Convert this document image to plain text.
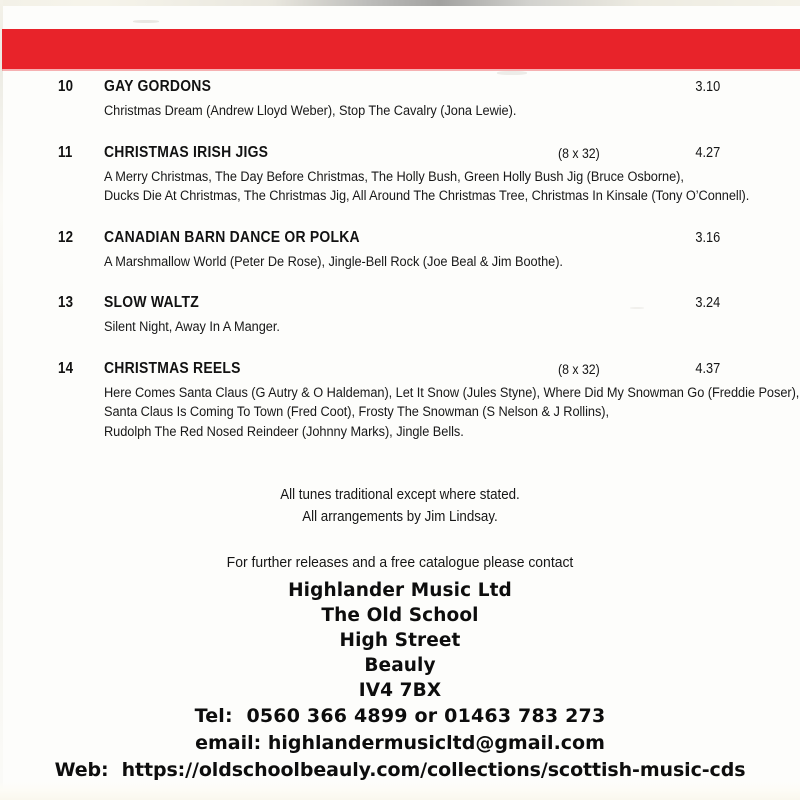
10 GAY GORDONS	3.10
Christmas Dream (Andrew Lloyd Weber), Stop The Cavalry (Jona Lewie).
11 CHRISTMAS IRISH JIGS	(8 x 32)	4.27
A Merry Christmas, The Day Before Christmas, The Holly Bush, Green Holly Bush Jig (Bruce Osborne),
Ducks Die At Christmas, The Christmas Jig, All Around The Christmas Tree, Christmas In Kinsale (Tony O’Connell).
12 CANADIAN BARN DANCE OR POLKA	3.16
A Marshmallow World (Peter De Rose), Jingle-Bell Rock (Joe Beal & Jim Boothe).
13 SLOW WALTZ	3.24
Silent Night, Away In A Manger.
14 CHRISTMAS REELS	(8 x 32)	4.37
Here Comes Santa Claus (G Autry & O Haldeman), Let It Snow (Jules Styne), Where Did My Snowman Go (Freddie Poser),
Santa Claus Is Coming To Town (Fred Coot), Frosty The Snowman (S Nelson & J Rollins),
Rudolph The Red Nosed Reindeer (Johnny Marks), Jingle Bells.
All tunes traditional except where stated.
All arrangements by Jim Lindsay.
For further releases and a free catalogue please contact
Highlander Music Ltd
The Old School
High Street
Beauly
IV4 7BX
Tel:  0560 366 4899 or 01463 783 273
email: highlandermusicltd@gmail.com
Web:  https://oldschoolbeauly.com/collections/scottish-music-cds
